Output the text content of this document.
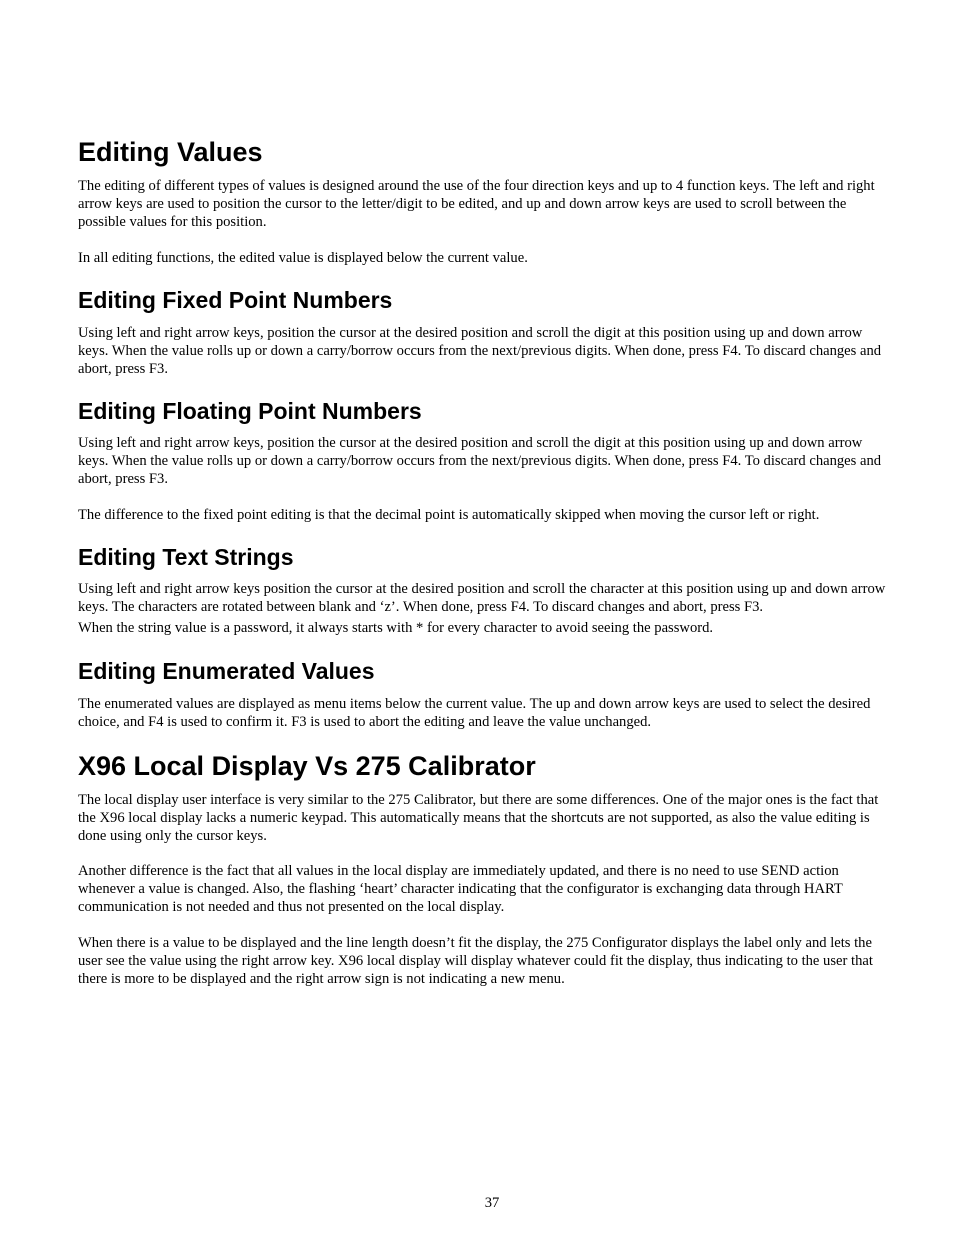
Editing Values

The editing of different types of values is designed around the use of the four direction keys and up to 4 function keys. The left and right arrow keys are used to position the cursor to the letter/digit to be edited, and up and down arrow keys are used to scroll between the possible values for this position.

In all editing functions, the edited value is displayed below the current value.

Editing Fixed Point Numbers

Using left and right arrow keys, position the cursor at the desired position and scroll the digit at this position using up and down arrow keys. When the value rolls up or down a carry/borrow occurs from the next/previous digits. When done, press F4. To discard changes and abort, press F3.

Editing Floating Point Numbers

Using left and right arrow keys, position the cursor at the desired position and scroll the digit at this position using up and down arrow keys. When the value rolls up or down a carry/borrow occurs from the next/previous digits. When done, press F4. To discard changes and abort, press F3.

The difference to the fixed point editing is that the decimal point is automatically skipped when moving the cursor left or right.

Editing Text Strings

Using left and right arrow keys position the cursor at the desired position and scroll the character at this position using up and down arrow keys. The characters are rotated between blank and ‘z’. When done, press F4. To discard changes and abort, press F3.

When the string value is a password, it always starts with * for every character to avoid seeing the password.

Editing Enumerated Values

The enumerated values are displayed as menu items below the current value. The up and down arrow keys are used to select the desired choice, and F4 is used to confirm it. F3 is used to abort the editing and leave the value unchanged.

X96 Local Display Vs 275 Calibrator

The local display user interface is very similar to the 275 Calibrator, but there are some differences. One of the major ones is the fact that the X96 local display lacks a numeric keypad. This automatically means that the shortcuts are not supported, as also the value editing is done using only the cursor keys.

Another difference is the fact that all values in the local display are immediately updated, and there is no need to use SEND action whenever a value is changed. Also, the flashing ‘heart’ character indicating that the configurator is exchanging data through HART communication is not needed and thus not presented on the local display.

When there is a value to be displayed and the line length doesn’t fit the display, the 275 Configurator displays the label only and lets the user see the value using the right arrow key. X96 local display will display whatever could fit the display, thus indicating to the user that there is more to be displayed and the right arrow sign is not indicating a new menu.

37
